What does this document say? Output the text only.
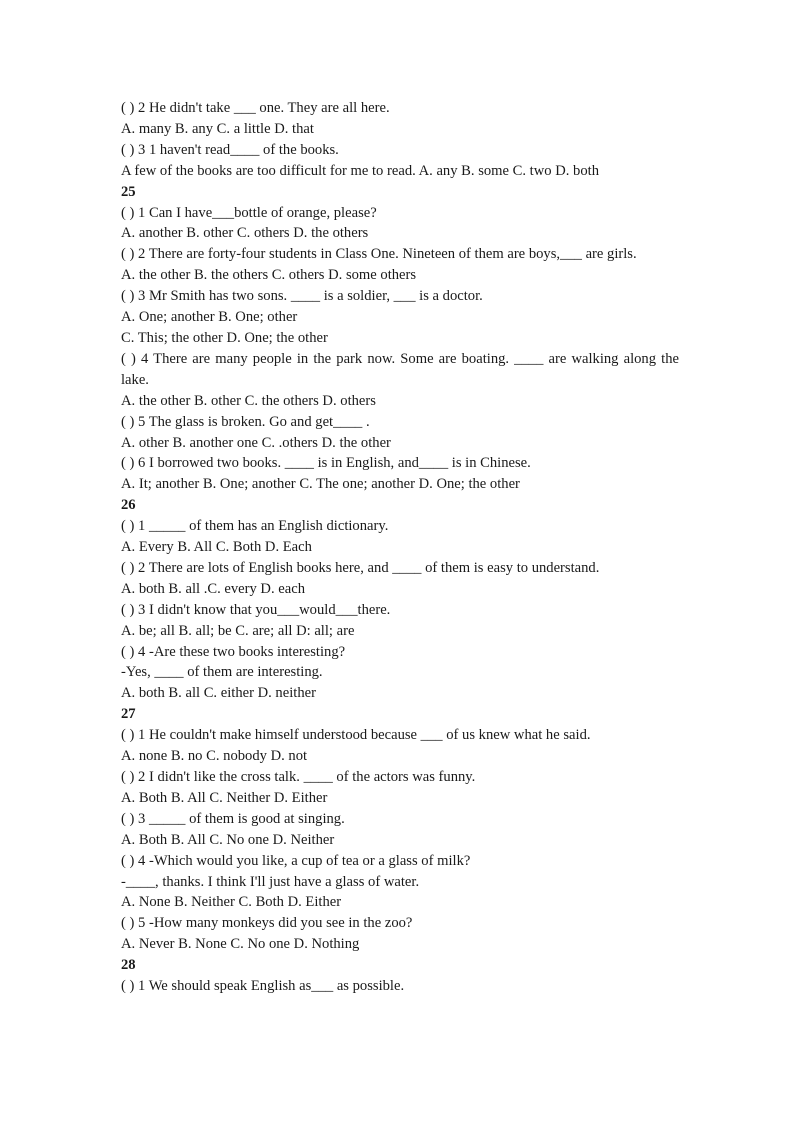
( ) 2 He didn't take ___ one. They are all here.

A. many B. any C. a little D. that

( ) 3 1 haven't read____ of the books.

A few of the books are too difficult for me to read. A. any B. some C. two D. both

25

( ) 1 Can I have___bottle of orange, please?

A. another B. other C. others D. the others

( ) 2 There are forty-four students in Class One. Nineteen of them are boys,___ are girls.

A. the other B. the others C. others D. some others

( ) 3 Mr Smith has two sons. ____ is a soldier, ___ is a doctor.

A. One; another B. One; other

C. This; the other D. One; the other

( ) 4 There are many people in the park now. Some are boating. ____ are walking along the lake.

A. the other B. other C. the others D. others

( ) 5 The glass is broken. Go and get____ .

A. other B. another one C. .others D. the other

( ) 6 I borrowed two books. ____ is in English, and____ is in Chinese.

A. It; another B. One; another C. The one; another D. One; the other

26

( ) 1 _____ of them has an English dictionary.

A. Every B. All C. Both D. Each

( ) 2 There are lots of English books here, and ____ of them is easy to understand.

A. both B. all .C. every D. each

( ) 3 I didn't know that you___would___there.

A. be; all B. all; be C. are; all D: all; are

( ) 4 -Are these two books interesting?

-Yes, ____ of them are interesting.

A. both B. all C. either D. neither

27

( ) 1 He couldn't make himself understood because ___ of us knew what he said.

A. none B. no C. nobody D. not

( ) 2 I didn't like the cross talk. ____ of the actors was funny.

A. Both B. All C. Neither D. Either

( ) 3 _____ of them is good at singing.

A. Both B. All C. No one D. Neither

( ) 4 -Which would you like, a cup of tea or a glass of milk?

-____, thanks. I think I'll just have a glass of water.

A. None B. Neither C. Both D. Either

( ) 5 -How many monkeys did you see in the zoo?

A. Never B. None C. No one D. Nothing

28

( ) 1 We should speak English as___ as possible.
